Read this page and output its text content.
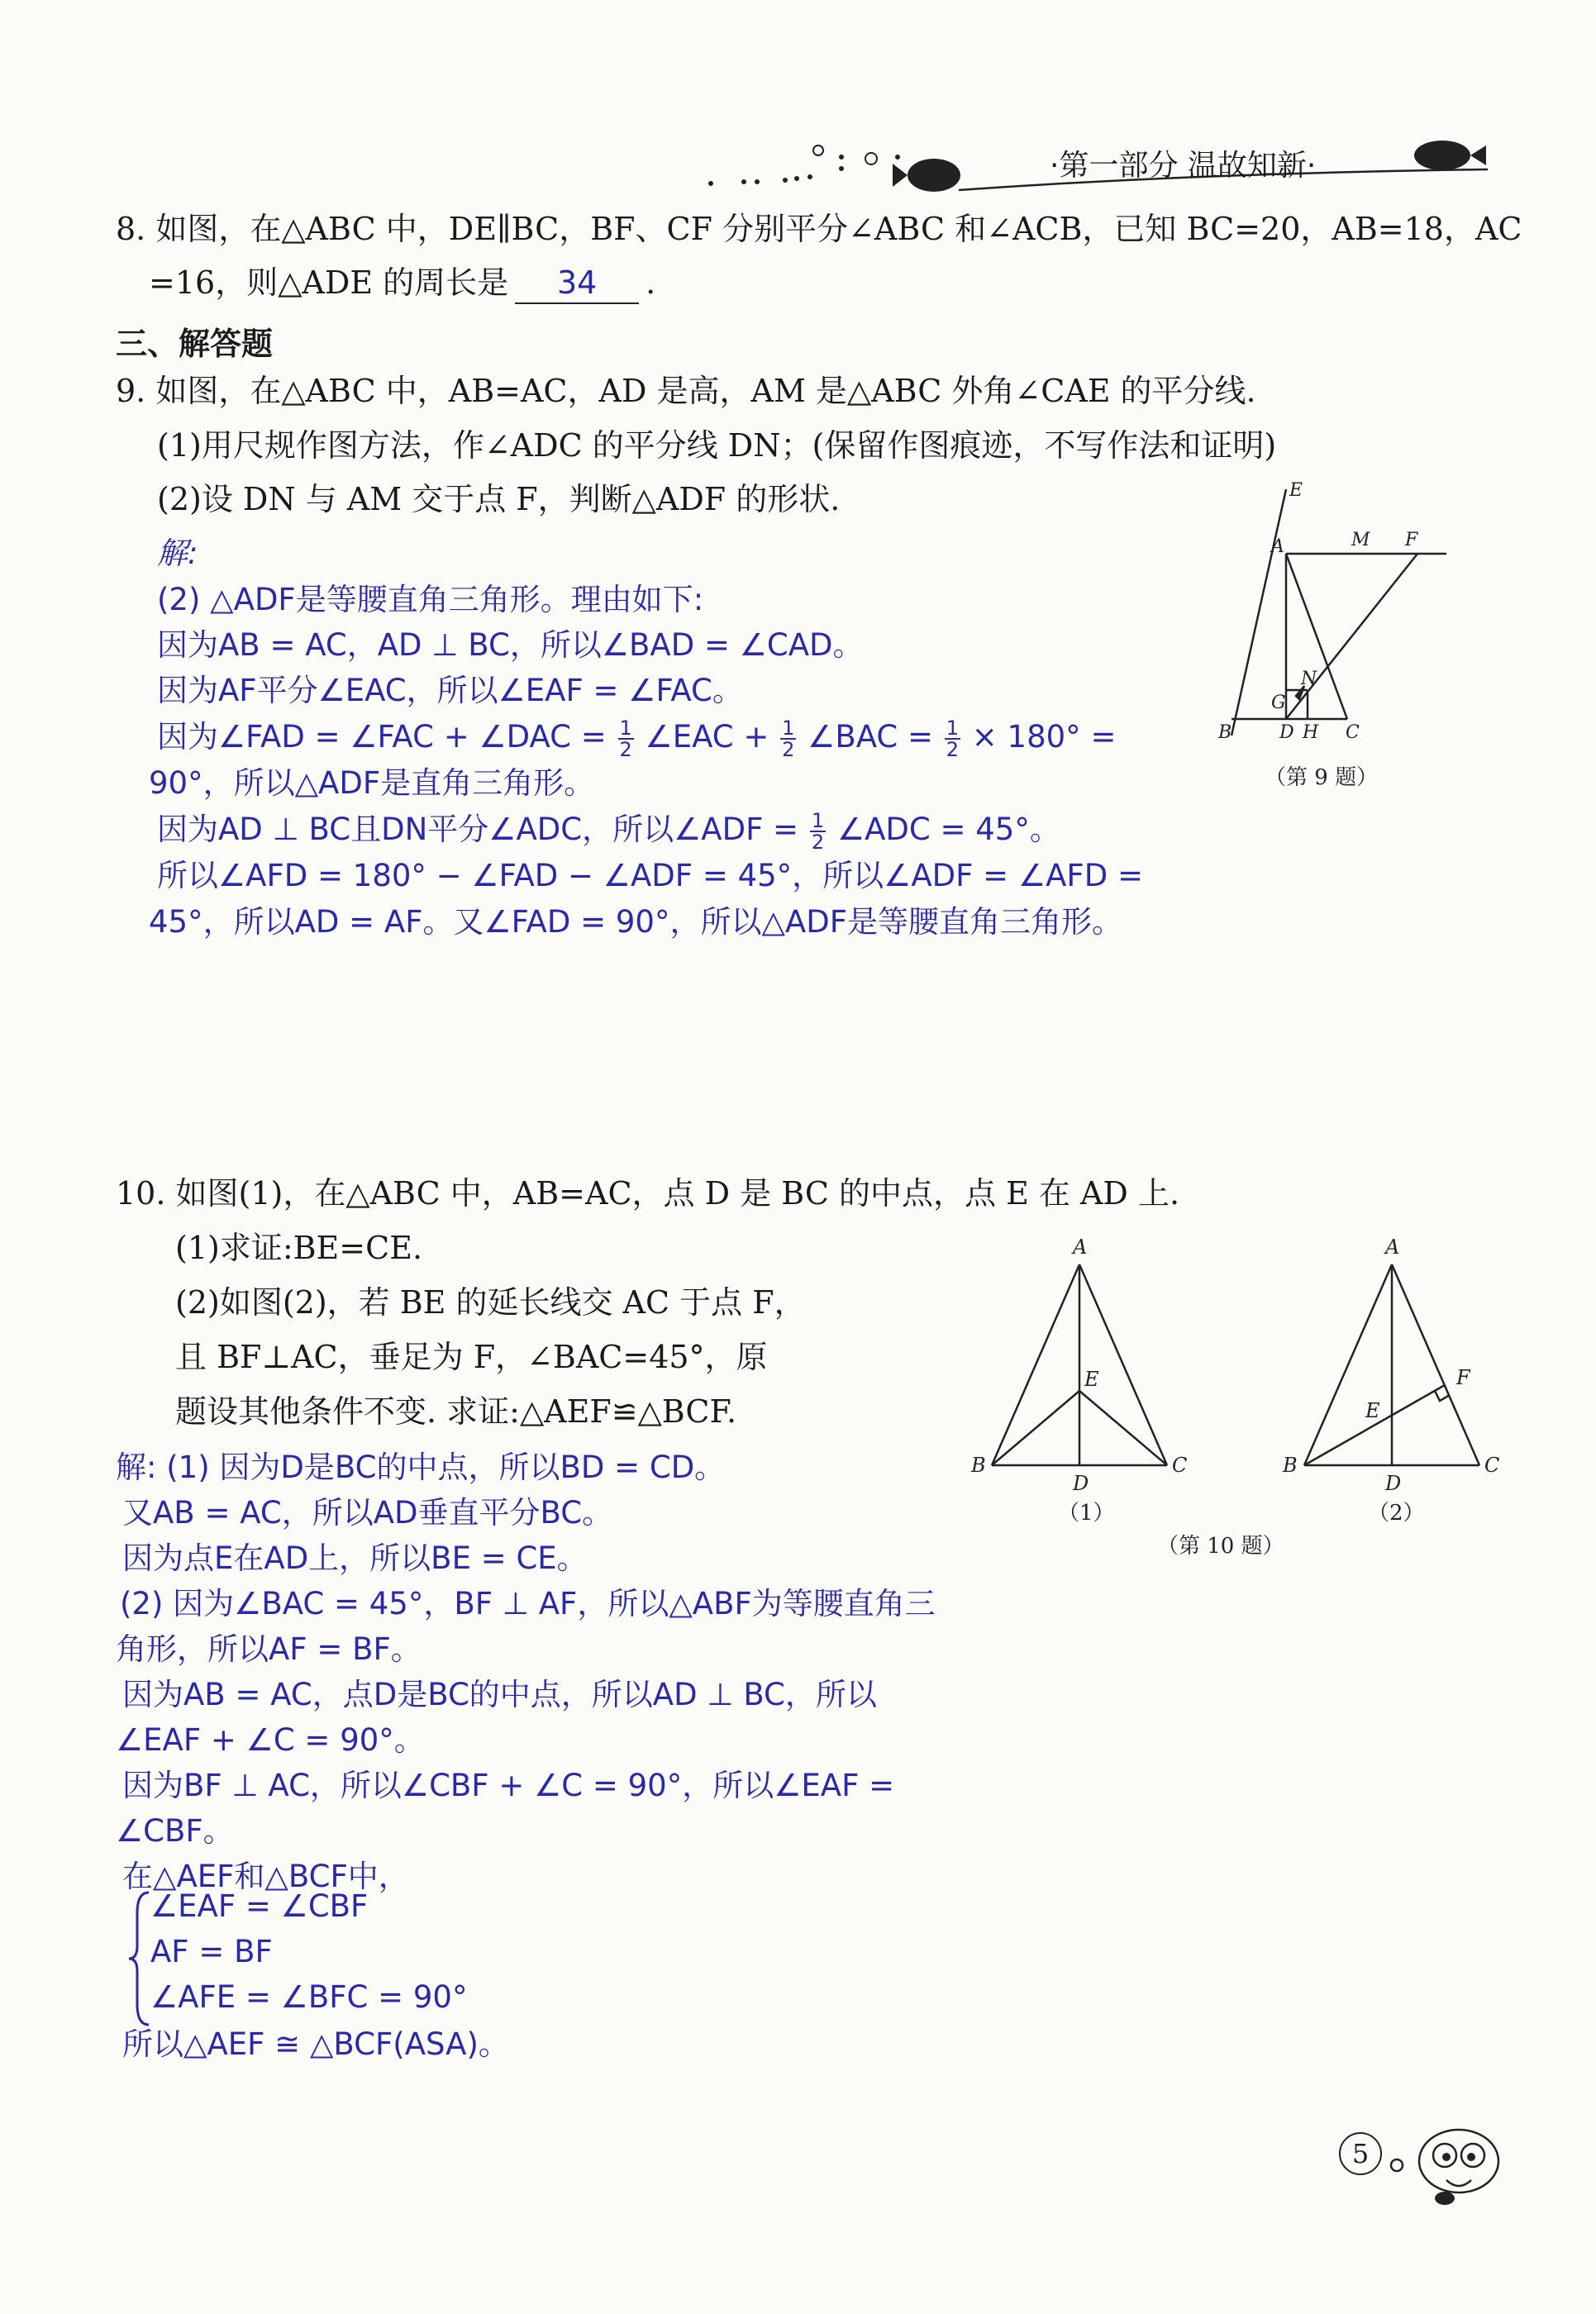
·第一部分 温故知新·
8. 如图，在△ABC 中，DE∥BC，BF、CF 分别平分∠ABC 和∠ACB，已知 BC=20，AB=18，AC
=16，则△ADE 的周长是 34 .
三、解答题
9. 如图，在△ABC 中，AB=AC，AD 是高，AM 是△ABC 外角∠CAE 的平分线.
(1)用尺规作图方法，作∠ADC 的平分线 DN；(保留作图痕迹，不写作法和证明)
(2)设 DN 与 AM 交于点 F，判断△ADF 的形状.	E
A	M F
G
N
B	D H C
（第 9 题）
解:
(2) △ADF是等腰直角三角形。理由如下:
因为AB = AC，AD ⊥ BC，所以∠BAD = ∠CAD。
因为AF平分∠EAC，所以∠EAF = ∠FAC。
因为∠FAD = ∠FAC + ∠DAC = $\frac{1}{2}$ ∠EAC + $\frac{1}{2}$ ∠BAC = $\frac{1}{2} \times 180^\circ$ =
90°，所以△ADF是直角三角形。
因为AD ⊥ BC且DN平分∠ADC，所以∠ADF = $\frac{1}{2}$ ∠ADC = 45°。
所以∠AFD = 180° − ∠FAD − ∠ADF = 45°，所以∠ADF = ∠AFD =
45°，所以AD = AF。又∠FAD = 90°，所以△ADF是等腰直角三角形。
10. 如图(1)，在△ABC 中，AB=AC，点 D 是 BC 的中点，点 E 在 AD 上.
(1)求证:BE=CE.
(2)如图(2)，若 BE 的延长线交 AC 于点 F，
且 BF⊥AC，垂足为 F，∠BAC=45°，原
题设其他条件不变. 求证:△AEF≌△BCF.
A
E
B	C
D
（1）
A
E
F
B	C
D
（2）
（第 10 题）
解: (1) 因为D是BC的中点，所以BD = CD。
又AB = AC，所以AD垂直平分BC。
因为点E在AD上，所以BE = CE。
(2) 因为∠BAC = 45°，BF ⊥ AF，所以△ABF为等腰直角三
角形，所以AF = BF。
因为AB = AC，点D是BC的中点，所以AD ⊥ BC，所以
∠EAF + ∠C = 90°。
因为BF ⊥ AC，所以∠CBF + ∠C = 90°，所以∠EAF =
∠CBF。
在△AEF和△BCF中，
∠EAF = ∠CBF
AF = BF
∠AFE = ∠BFC = 90°
所以△AEF ≅ △BCF(ASA)。
5
